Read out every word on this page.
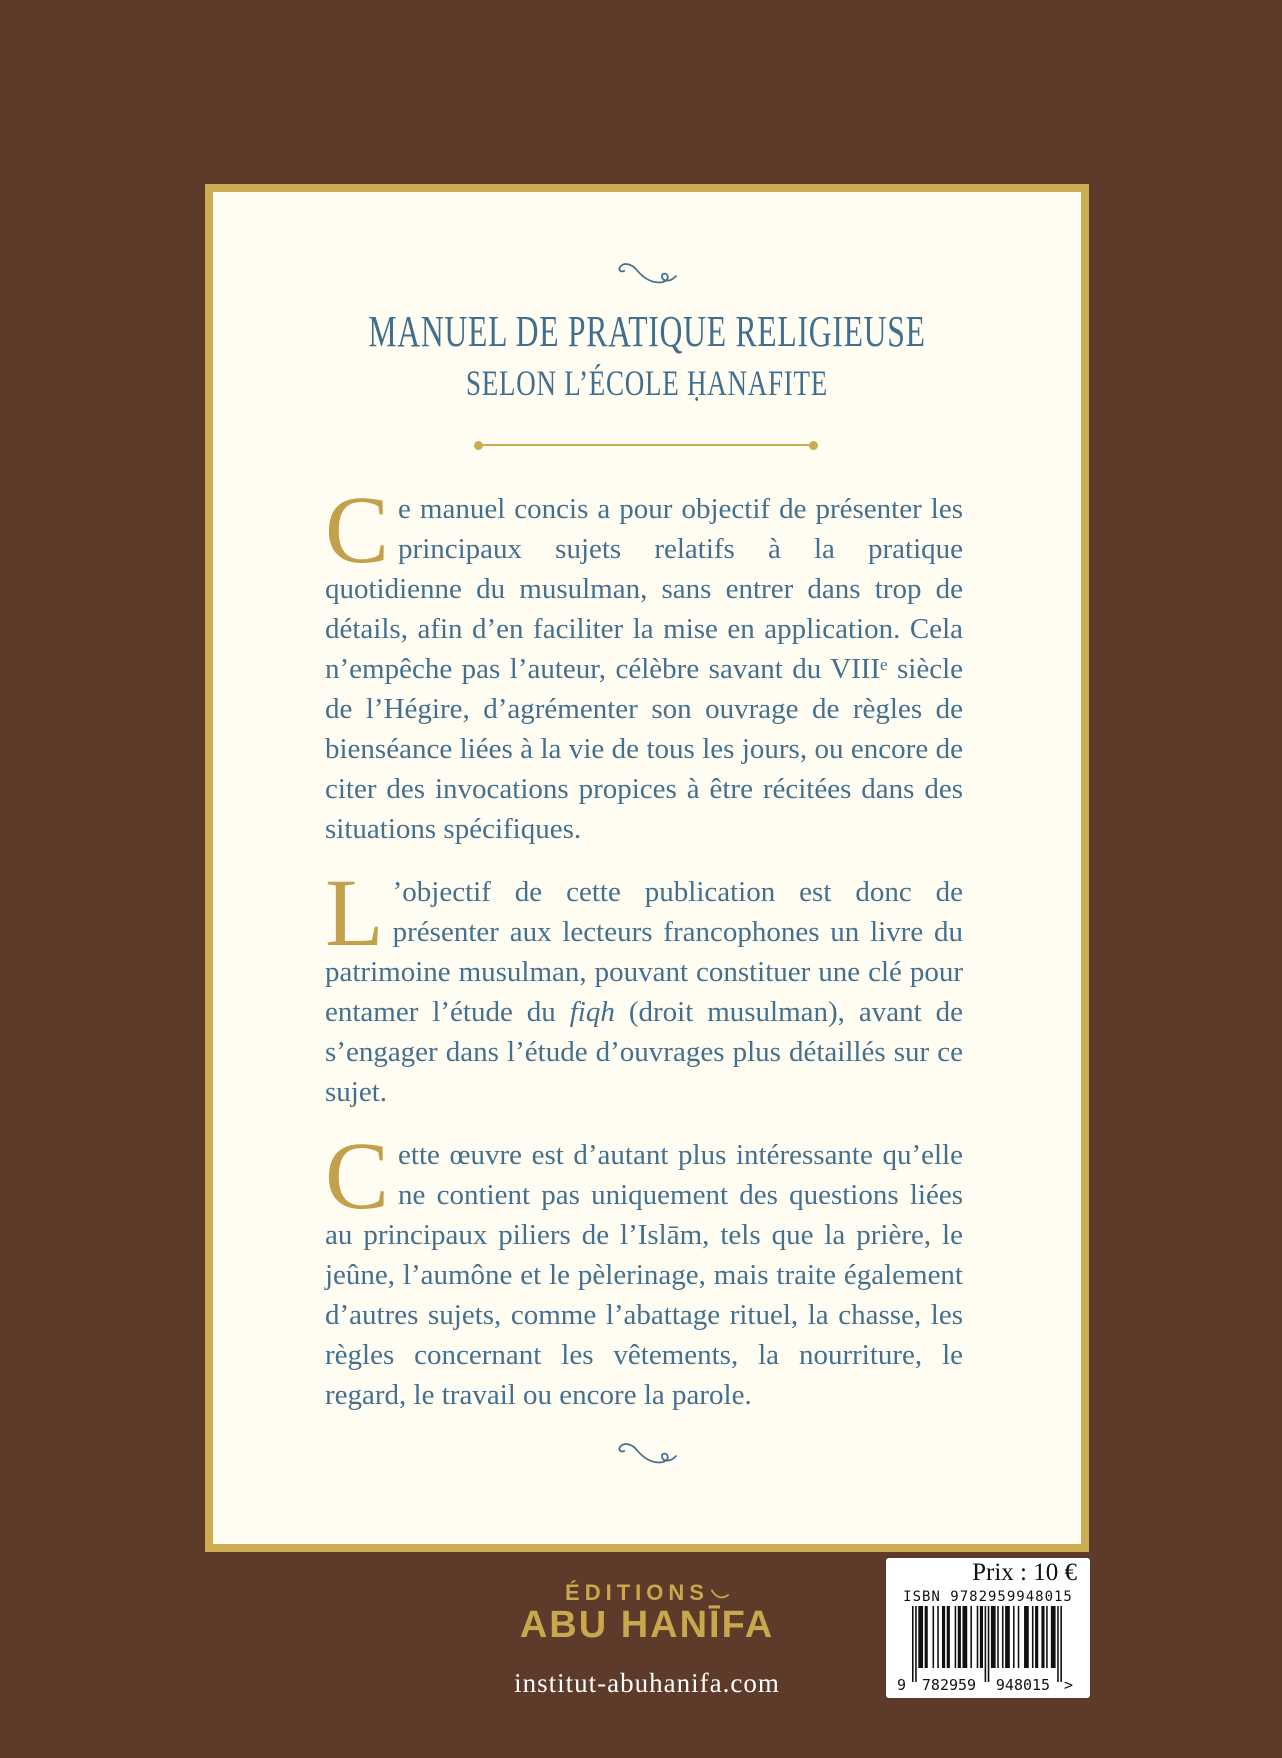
MANUEL DE PRATIQUE RELIGIEUSE
SELON L’ÉCOLE ḤANAFITE

Ce manuel concis a pour objectif de présenter les principaux sujets relatifs à la pratique quotidienne du musulman, sans entrer dans trop de détails, afin d’en faciliter la mise en application. Cela n’empêche pas l’auteur, célèbre savant du VIIIᵉ siècle de l’Hégire, d’agrémenter son ouvrage de règles de bienséance liées à la vie de tous les jours, ou encore de citer des invocations propices à être récitées dans des situations spécifiques.

L ’objectif de cette publication est donc de présenter aux lecteurs francophones un livre du patrimoine musulman, pouvant constituer une clé pour entamer l’étude du fiqh (droit musulman), avant de s’engager dans l’étude d’ouvrages plus détaillés sur ce sujet.

Cette œuvre est d’autant plus intéressante qu’elle ne contient pas uniquement des questions liées au principaux piliers de l’Islām, tels que la prière, le jeûne, l’aumône et le pèlerinage, mais traite également d’autres sujets, comme l’abattage rituel, la chasse, les règles concernant les vêtements, la nourriture, le regard, le travail ou encore la parole.

ÉDITIONS
ABU HANĪFA
institut-abuhanifa.com
Prix : 10 €
ISBN 9782959948015
9 782959 948015 >
